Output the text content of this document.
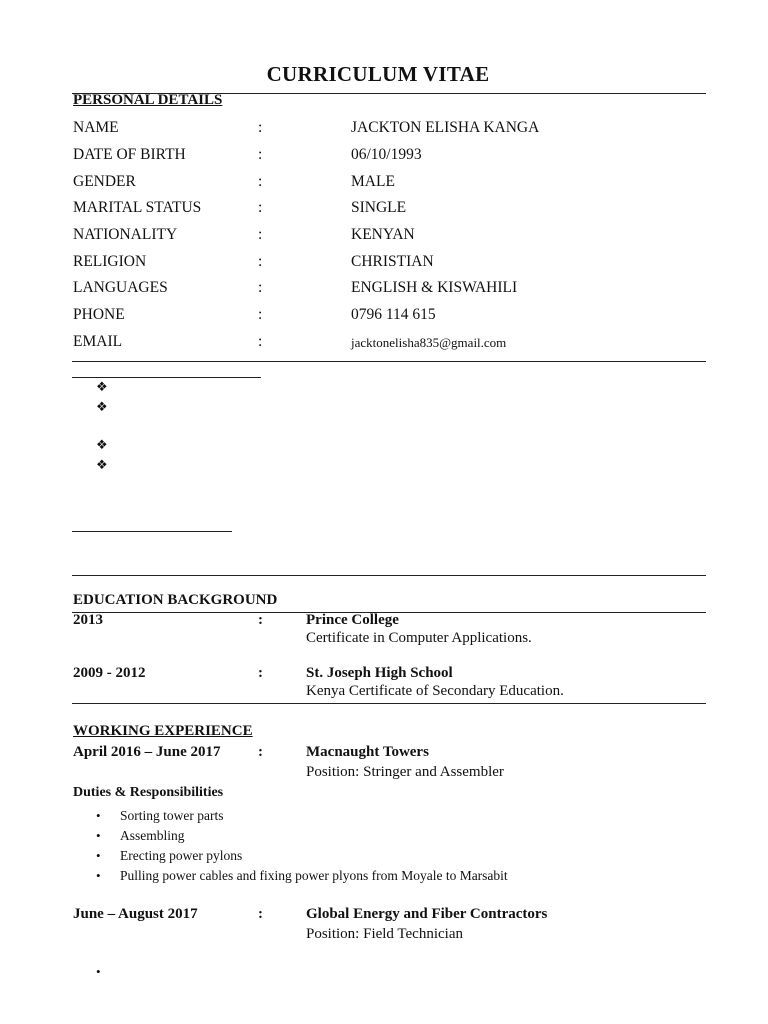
CURRICULUM VITAE
PERSONAL DETAILS
NAME	:	JACKTON ELISHA KANGA
DATE OF BIRTH	:	06/10/1993
GENDER	:	MALE
MARITAL STATUS	:	SINGLE
NATIONALITY	:	KENYAN
RELIGION	:	CHRISTIAN
LANGUAGES	:	ENGLISH & KISWAHILI
PHONE	:	0796 114 615
EMAIL	:	jacktonelisha835@gmail.com
❖
❖
❖
❖
EDUCATION BACKGROUND
2013	:	Prince College
Certificate in Computer Applications.
2009 - 2012	:	St. Joseph High School
Kenya Certificate of Secondary Education.
WORKING EXPERIENCE
April 2016 – June 2017 :	Macnaught Towers
Position: Stringer and Assembler
Duties & Responsibilities
• Sorting tower parts
• Assembling
• Erecting power pylons
• Pulling power cables and fixing power plyons from Moyale to Marsabit
June – August 2017	:	Global Energy and Fiber Contractors
Position: Field Technician
•
